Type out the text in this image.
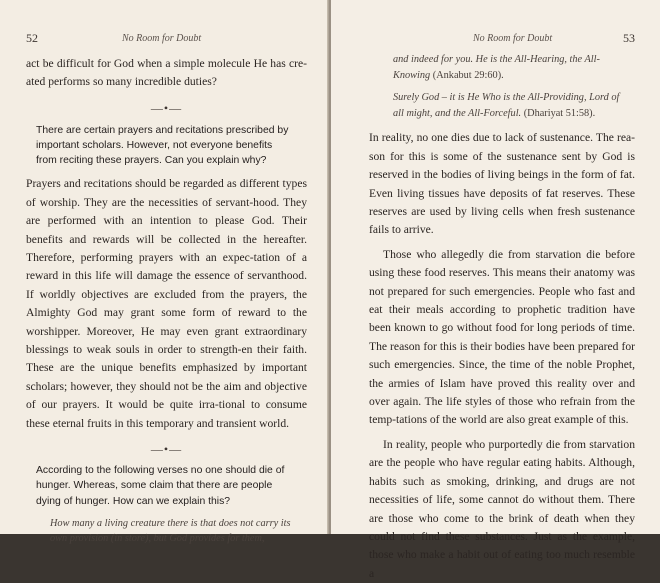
52	No Room for Doubt

act be difficult for God when a simple molecule He has cre-ated performs so many incredible duties?

―•―

There are certain prayers and recitations prescribed by important scholars. However, not everyone benefits from reciting these prayers. Can you explain why?

Prayers and recitations should be regarded as different types of worship. They are the necessities of servant-hood. They are performed with an intention to please God. Their benefits and rewards will be collected in the hereafter. Therefore, performing prayers with an expec-tation of a reward in this life will damage the essence of servanthood. If worldly objectives are excluded from the prayers, the Almighty God may grant some form of reward to the worshipper. Moreover, He may even grant extraordinary blessings to weak souls in order to strength-en their faith. These are the unique benefits emphasized by important scholars; however, they should not be the aim and objective of our prayers. It would be quite irra-tional to consume these eternal fruits in this temporary and transient world.

―•―

According to the following verses no one should die of hunger. Whereas, some claim that there are people dying of hunger. How can we explain this?

How many a living creature there is that does not carry its own provision (in store), but God provides for them,

No Room for Doubt	53

and indeed for you. He is the All-Hearing, the All-Knowing (Ankabut 29:60).

Surely God – it is He Who is the All-Providing, Lord of all might, and the All-Forceful. (Dhariyat 51:58).

In reality, no one dies due to lack of sustenance. The rea-son for this is some of the sustenance sent by God is reserved in the bodies of living beings in the form of fat. Even living tissues have deposits of fat reserves. These reserves are used by living cells when fresh sustenance fails to arrive.

Those who allegedly die from starvation die before using these food reserves. This means their anatomy was not prepared for such emergencies. People who fast and eat their meals according to prophetic tradition have been known to go without food for long periods of time. The reason for this is their bodies have been prepared for such emergencies. Since, the time of the noble Prophet, the armies of Islam have proved this reality over and over again. The life styles of those who refrain from the temp-tations of the world are also great example of this.

In reality, people who purportedly die from starvation are the people who have regular eating habits. Although, habits such as smoking, drinking, and drugs are not necessities of life, some cannot do without them. There are those who come to the brink of death when they could not find these substances. Just as the example, those who make a habit out of eating too much resemble a
